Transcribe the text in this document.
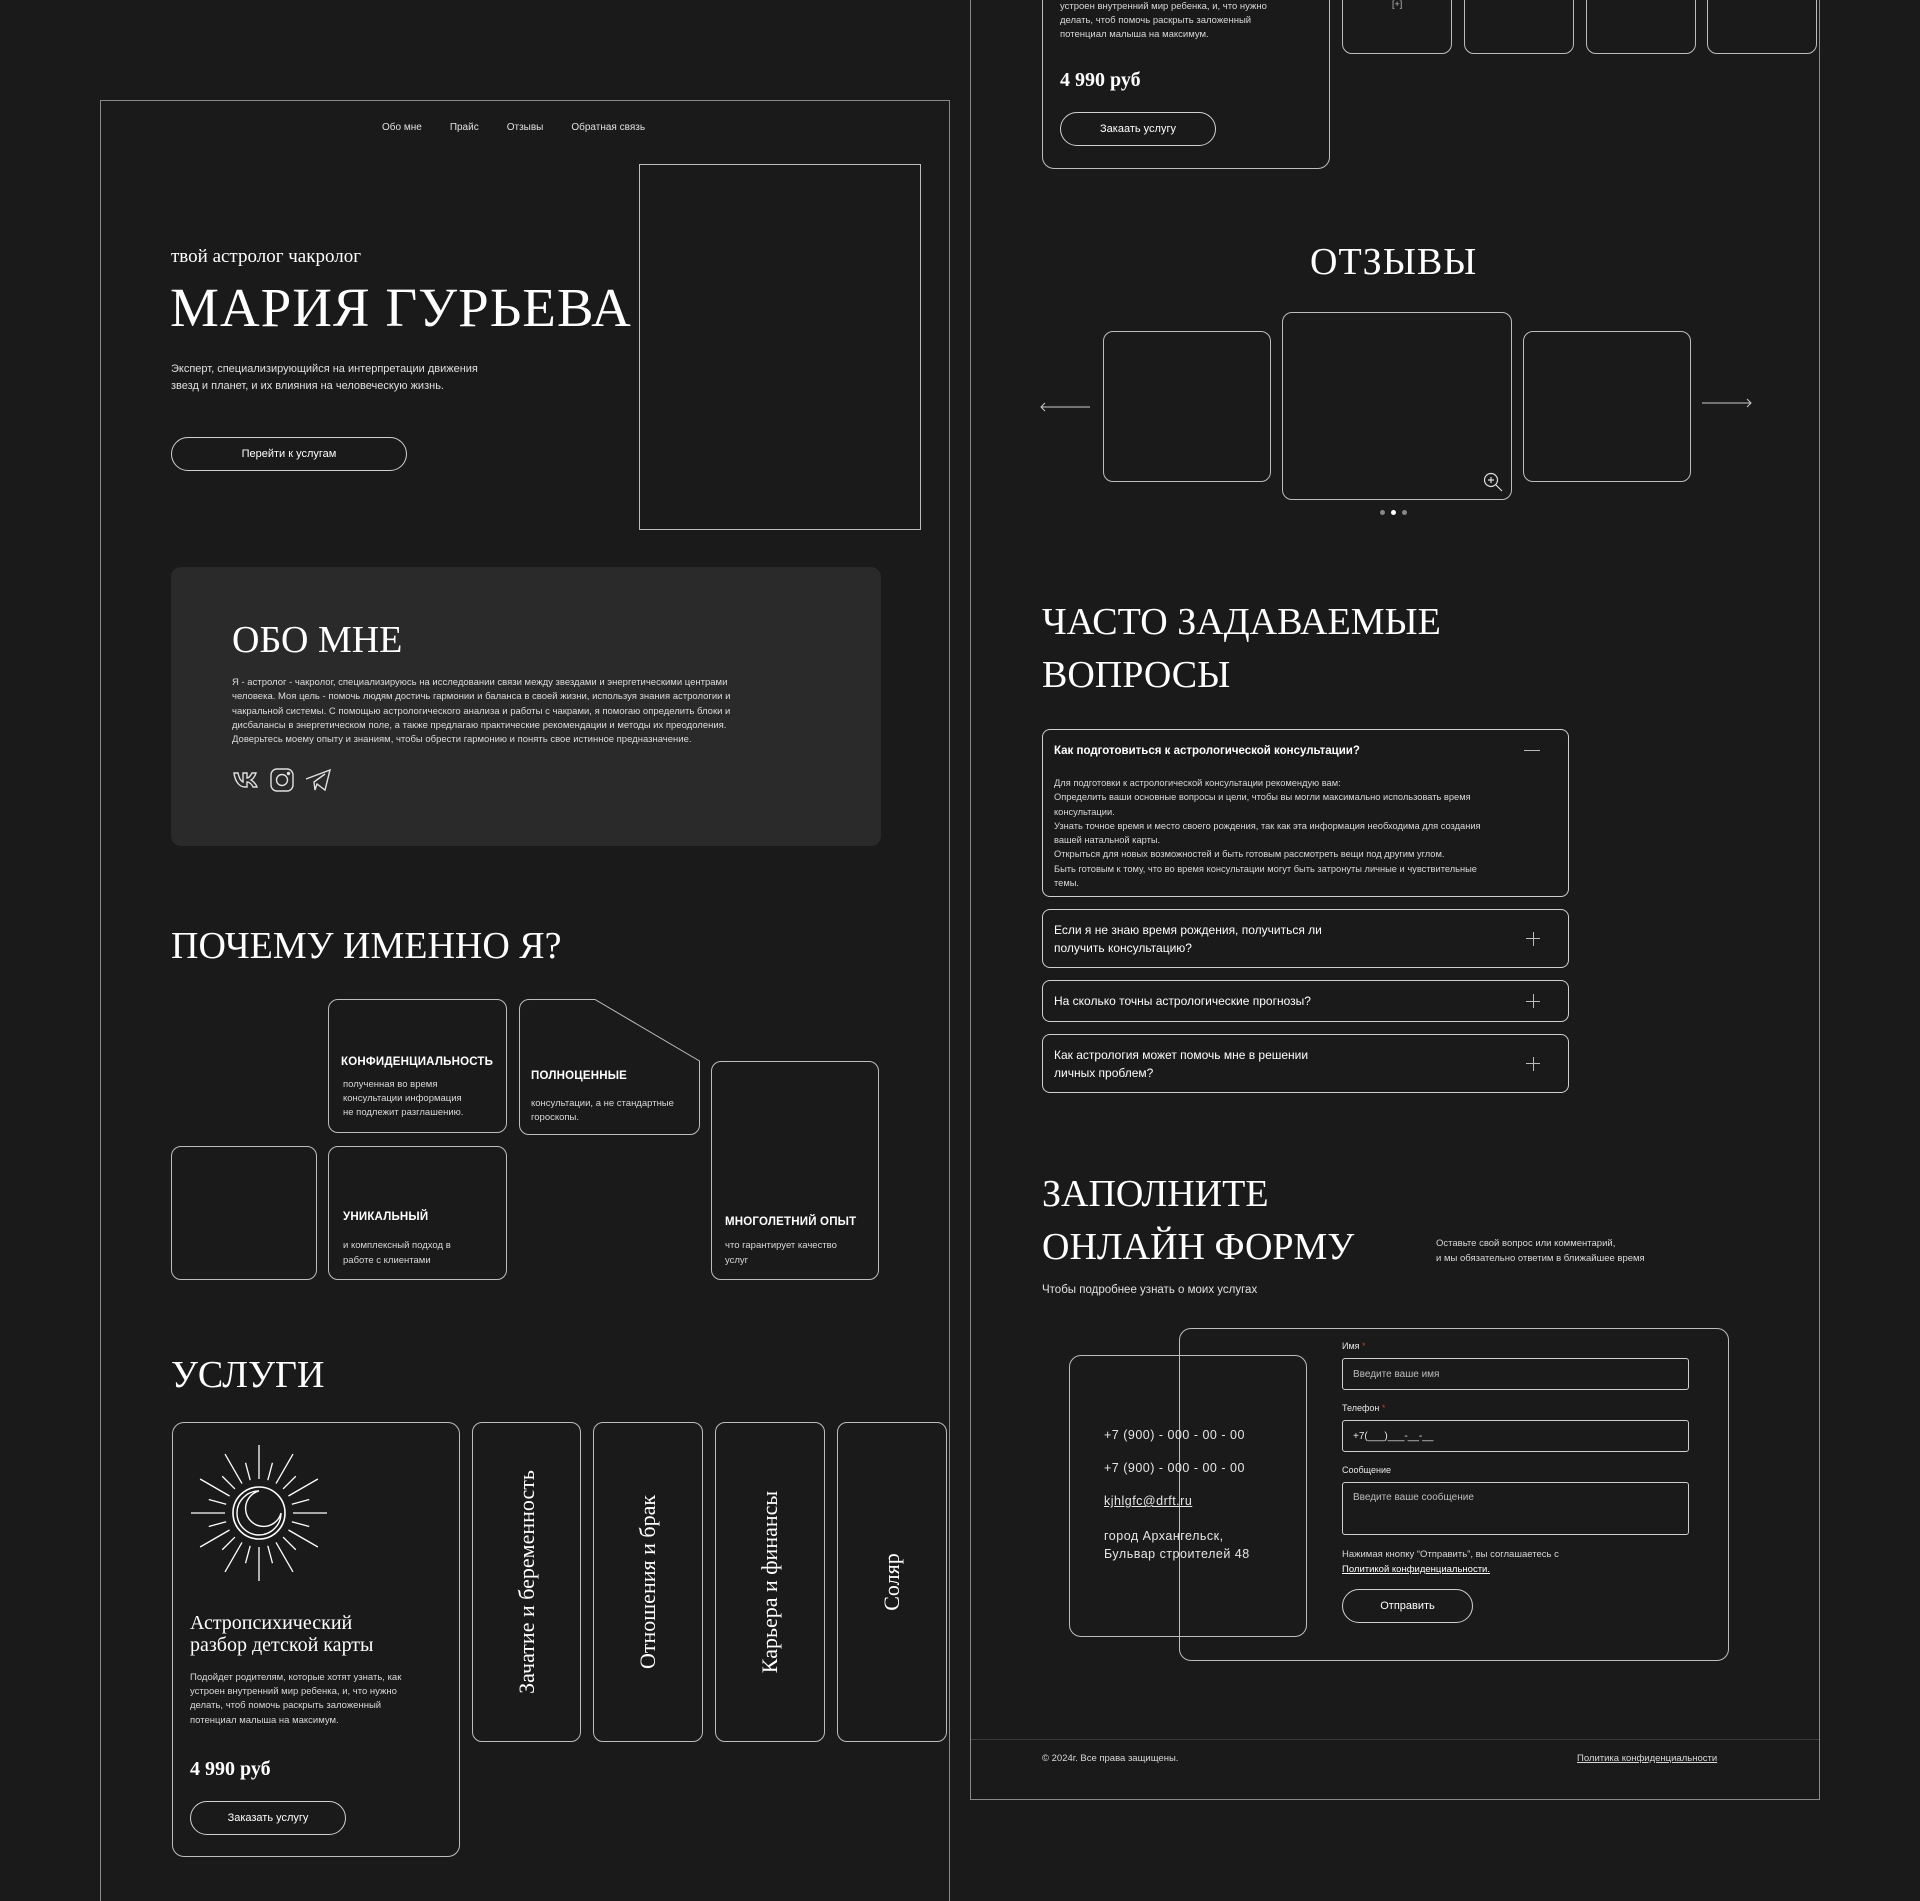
Обо мне	Прайс	Отзывы	Обратная связь
твой астролог чакролог
МАРИЯ ГУРЬЕВА
Эксперт, специализирующийся на интерпретации движения
звезд и планет, и их влияния на человеческую жизнь.
Перейти к услугам
ОБО МНЕ
Я - астролог - чакролог, специализируюсь на исследовании связи между звездами и энергетическими центрами
человека. Моя цель - помочь людям достичь гармонии и баланса в своей жизни, используя знания астрологии и
чакральной системы. С помощью астрологического анализа и работы с чакрами, я помогаю определить блоки и
дисбалансы в энергетическом поле, а также предлагаю практические рекомендации и методы их преодоления.
Доверьтесь моему опыту и знаниям, чтобы обрести гармонию и понять свое истинное предназначение.
ПОЧЕМУ ИМЕННО Я?
КОНФИДЕНЦИАЛЬНОСТЬ
полученная во время
консультации информация
не подлежит разглашению.
ПОЛНОЦЕННЫЕ
консультации, а не стандартные
гороскопы.
УНИКАЛЬНЫЙ
и комплексный подход в
работе с клиентами
МНОГОЛЕТНИЙ ОПЫТ
что гарантирует качество
услуг
УСЛУГИ
Астропсихический
разбор детской карты
Подойдет родителям, которые хотят узнать, как
устроен внутренний мир ребенка, и, что нужно
делать, чтоб помочь раскрыть заложенный
потенциал малыша на максимум.
4 990 руб
Заказать услугу
Зачатие и беременность	Отношения и брак	Карьера и финансы	Соляр
устроен внутренний мир ребенка, и, что нужно
делать, чтоб помочь раскрыть заложенный
потенциал малыша на максимум.
4 990 руб
Закаать услугу
[+]
ОТЗЫВЫ
ЧАСТО ЗАДАВАЕМЫЕ
ВОПРОСЫ
Как подготовиться к астрологической консультации?
Для подготовки к астрологической консультации рекомендую вам:
Определить ваши основные вопросы и цели, чтобы вы могли максимально использовать время
консультации.
Узнать точное время и место своего рождения, так как эта информация необходима для создания
вашей натальной карты.
Открыться для новых возможностей и быть готовым рассмотреть вещи под другим углом.
Быть готовым к тому, что во время консультации могут быть затронуты личные и чувствительные
темы.
Если я не знаю время рождения, получиться ли
получить консультацию?
На сколько точны астрологические прогнозы?
Как астрология может помочь мне в решении
личных проблем?
ЗАПОЛНИТЕ
ОНЛАЙН ФОРМУ	Оставьте свой вопрос или комментарий,
и мы обязательно ответим в ближайшее время
Чтобы подробнее узнать о моих услугах
+7 (900) - 000 - 00 - 00
+7 (900) - 000 - 00 - 00
kjhlgfc@drft.ru
город Архангельск,
Бульвар строителей 48
Имя *
Введите ваше имя
Телефон *
+7(___)___-__-__
Сообщение
Введите ваше сообщение
Нажимая кнопку “Отправить”, вы соглашаетесь с
Политикой конфиденциальности.
Отправить
© 2024г. Все права защищены.	Политика конфиденциальности
